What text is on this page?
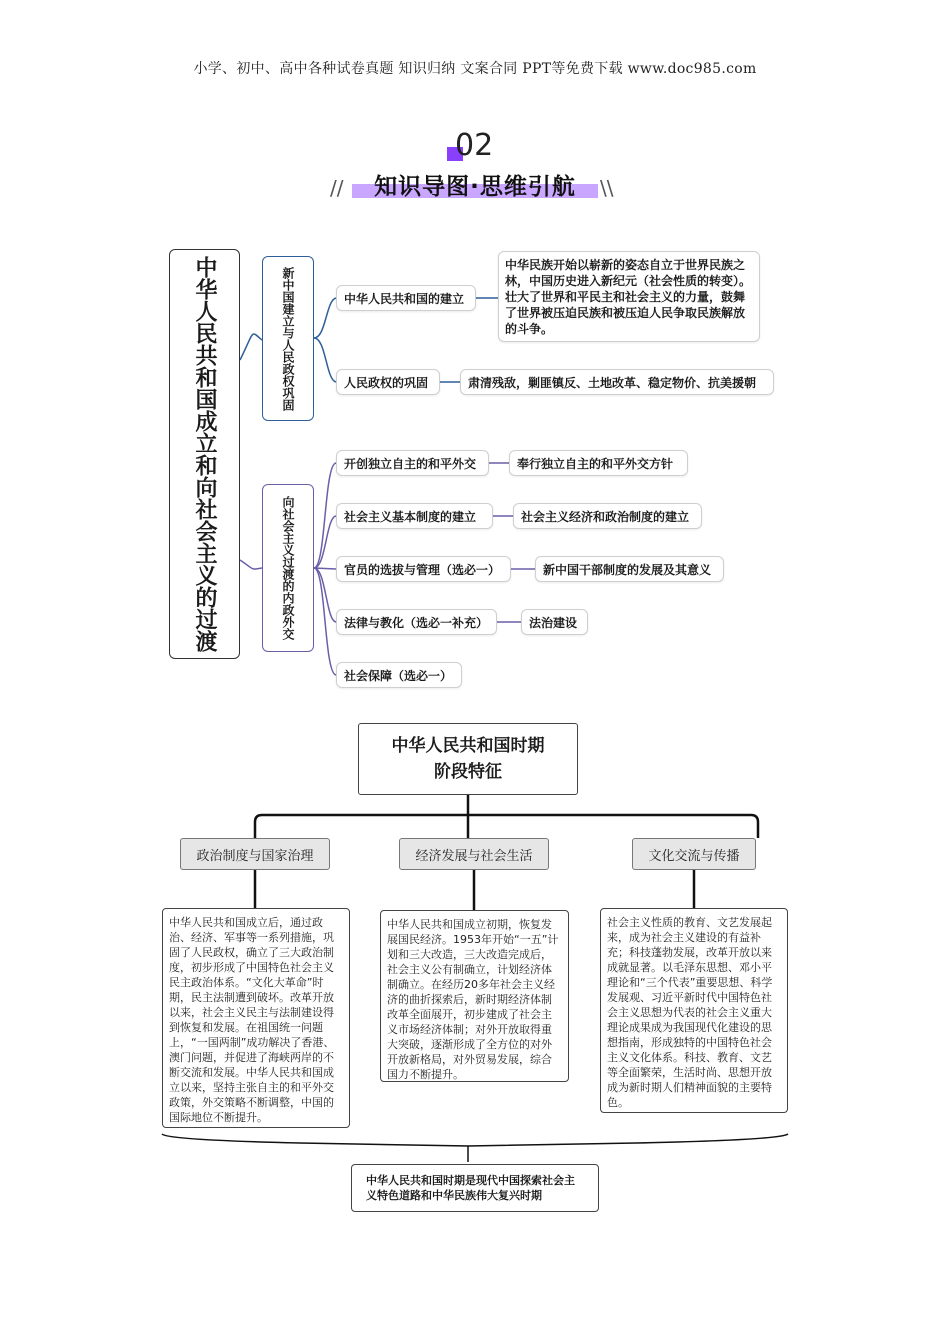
小学、初中、高中各种试卷真题 知识归纳 文案合同 PPT等免费下载 www.doc985.com
02
//	知识导图·思维引航	\\
中华人民共和国成立和向社会主义的过渡	新中国建立与人民政权巩固	中华人民共和国的建立
中华民族开始以崭新的姿态自立于世界民族之林，中国历史进入新纪元（社会性质的转变）。壮大了世界和平民主和社会主义的力量，鼓舞了世界被压迫民族和被压迫人民争取民族解放的斗争。
人民政权的巩固	肃清残敌，剿匪镇反、土地改革、稳定物价、抗美援朝
向社会主义过渡的内政外交
开创独立自主的和平外交	奉行独立自主的和平外交方针
社会主义基本制度的建立	社会主义经济和政治制度的建立
官员的选拔与管理（选必一）	新中国干部制度的发展及其意义
法律与教化（选必一补充）	法治建设
社会保障（选必一）
中华人民共和国时期
阶段特征
政治制度与国家治理	经济发展与社会生活	文化交流与传播
中华人民共和国成立后，通过政治、经济、军事等一系列措施，巩固了人民政权，确立了三大政治制度，初步形成了中国特色社会主义民主政治体系。“文化大革命”时期，民主法制遭到破坏。改革开放以来，社会主义民主与法制建设得到恢复和发展。在祖国统一问题上，“一国两制”成功解决了香港、澳门问题，并促进了海峡两岸的不断交流和发展。中华人民共和国成立以来，坚持主张自主的和平外交政策，外交策略不断调整，中国的国际地位不断提升。
中华人民共和国成立初期，恢复发展国民经济。1953年开始“一五”计划和三大改造，三大改造完成后，社会主义公有制确立，计划经济体制确立。在经历20多年社会主义经济的曲折探索后，新时期经济体制改革全面展开，初步建成了社会主义市场经济体制；对外开放取得重大突破，逐渐形成了全方位的对外开放新格局，对外贸易发展，综合国力不断提升。
社会主义性质的教育、文艺发展起来，成为社会主义建设的有益补充；科技蓬勃发展，改革开放以来成就显著。以毛泽东思想、邓小平理论和“三个代表”重要思想、科学发展观、习近平新时代中国特色社会主义思想为代表的社会主义重大理论成果成为我国现代化建设的思想指南，形成独特的中国特色社会主义文化体系。科技、教育、文艺等全面繁荣，生活时尚、思想开放成为新时期人们精神面貌的主要特色。
中华人民共和国时期是现代中国探索社会主义特色道路和中华民族伟大复兴时期
